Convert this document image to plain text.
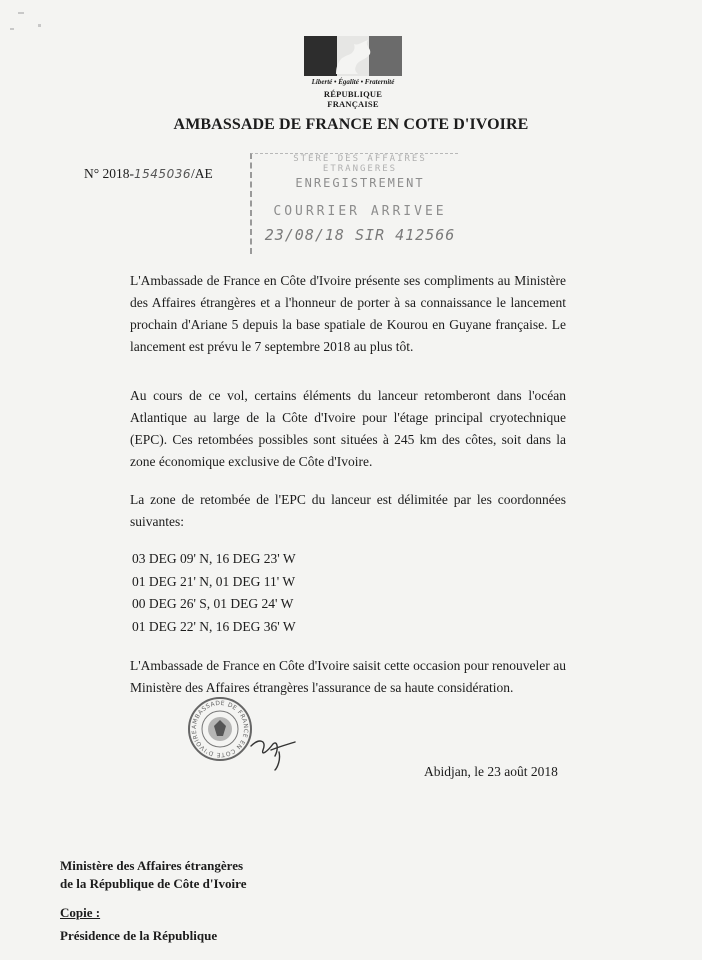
Liberté • Égalité • Fraternité

RÉPUBLIQUE FRANÇAISE

AMBASSADE DE FRANCE EN COTE D'IVOIRE

N° 2018-1545036/AE

STERE DES AFFAIRES ETRANGERES
ENREGISTREMENT
COURRIER ARRIVEE
23/08/18 SIR 412566

L'Ambassade de France en Côte d'Ivoire présente ses compliments au Ministère des Affaires étrangères et a l'honneur de porter à sa connaissance le lancement prochain d'Ariane 5 depuis la base spatiale de Kourou en Guyane française. Le lancement est prévu le 7 septembre 2018 au plus tôt.

Au cours de ce vol, certains éléments du lanceur retomberont dans l'océan Atlantique au large de la Côte d'Ivoire pour l'étage principal cryotechnique (EPC). Ces retombées possibles sont situées à 245 km des côtes, soit dans la zone économique exclusive de Côte d'Ivoire.

La zone de retombée de l'EPC du lanceur est délimitée par les coordonnées suivantes:

03 DEG 09' N, 16 DEG 23' W
01 DEG 21' N, 01 DEG 11' W
00 DEG 26' S, 01 DEG 24' W
01 DEG 22' N, 16 DEG 36' W

L'Ambassade de France en Côte d'Ivoire saisit cette occasion pour renouveler au Ministère des Affaires étrangères l'assurance de sa haute considération.

AMBASSADE DE FRANCE EN COTE D'IVOIRE

Abidjan, le 23 août 2018

Ministère des Affaires étrangères
de la République de Côte d'Ivoire

Copie :

Présidence de la République
